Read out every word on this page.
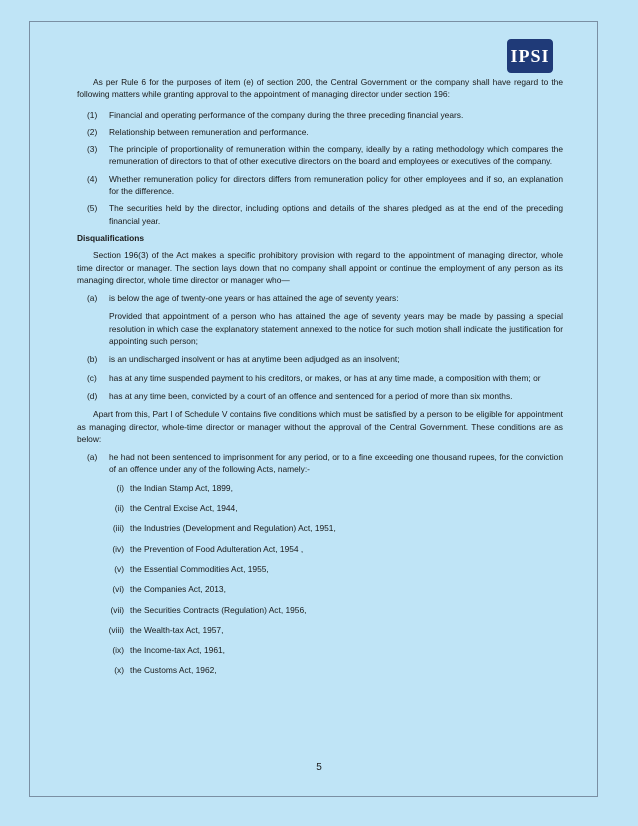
IPSI

As per Rule 6 for the purposes of item (e) of section 200, the Central Government or the company shall have regard to the following matters while granting approval to the appointment of managing director under section 196:

(1)	Financial and operating performance of the company during the three preceding financial years.
(2)	Relationship between remuneration and performance.
(3)	The principle of proportionality of remuneration within the company, ideally by a rating methodology which compares the remuneration of directors to that of other executive directors on the board and employees or executives of the company.
(4)	Whether remuneration policy for directors differs from remuneration policy for other employees and if so, an explanation for the difference.
(5)	The securities held by the director, including options and details of the shares pledged as at the end of the preceding financial year.

Disqualifications

Section 196(3) of the Act makes a specific prohibitory provision with regard to the appointment of managing director, whole time director or manager. The section lays down that no company shall appoint or continue the employment of any person as its managing director, whole time director or manager who—

(a)	is below the age of twenty-one years or has attained the age of seventy years:

Provided that appointment of a person who has attained the age of seventy years may be made by passing a special resolution in which case the explanatory statement annexed to the notice for such motion shall indicate the justification for appointing such person;

(b)	is an undischarged insolvent or has at anytime been adjudged as an insolvent;
(c)	has at any time suspended payment to his creditors, or makes, or has at any time made, a composition with them; or
(d)	has at any time been, convicted by a court of an offence and sentenced for a period of more than six months.

Apart from this, Part I of Schedule V contains five conditions which must be satisfied by a person to be eligible for appointment as managing director, whole-time director or manager without the approval of the Central Government. These conditions are as below:

(a)	he had not been sentenced to imprisonment for any period, or to a fine exceeding one thousand rupees, for the conviction of an offence under any of the following Acts, namely:-
(i) the Indian Stamp Act, 1899,
(ii) the Central Excise Act, 1944,
(iii) the Industries (Development and Regulation) Act, 1951,
(iv) the Prevention of Food Adulteration Act, 1954 ,
(v) the Essential Commodities Act, 1955,
(vi) the Companies Act, 2013,
(vii) the Securities Contracts (Regulation) Act, 1956,
(viii) the Wealth-tax Act, 1957,
(ix) the Income-tax Act, 1961,
(x) the Customs Act, 1962,
5
